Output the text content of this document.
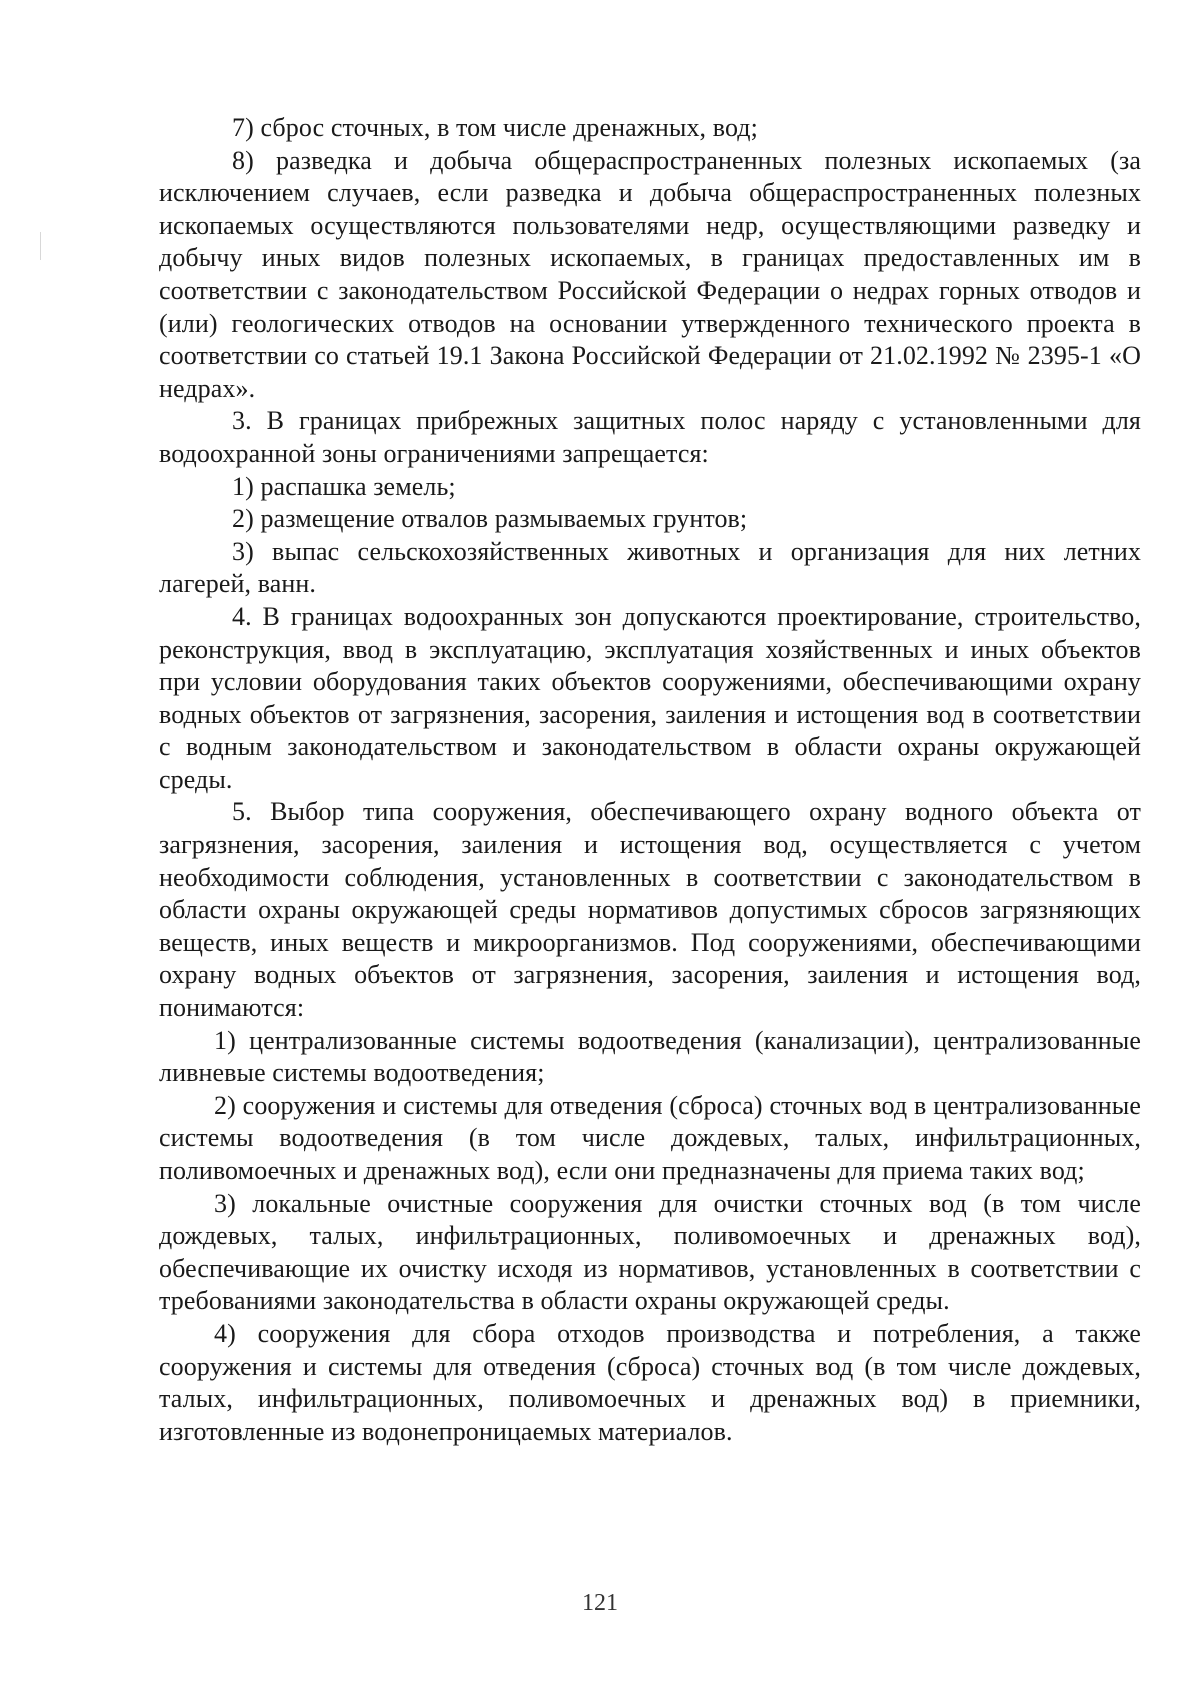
7) сброс сточных, в том числе дренажных, вод;

8) разведка и добыча общераспространенных полезных ископаемых (за исключением случаев, если разведка и добыча общераспространенных полезных ископаемых осуществляются пользователями недр, осуществляющими разведку и добычу иных видов полезных ископаемых, в границах предоставленных им в соответствии с законодательством Российской Федерации о недрах горных отводов и (или) геологических отводов на основании утвержденного технического проекта в соответствии со статьей 19.1 Закона Российской Федерации от 21.02.1992 № 2395-1 «О недрах».

3. В границах прибрежных защитных полос наряду с установленными для водоохранной зоны ограничениями запрещается:

1) распашка земель;

2) размещение отвалов размываемых грунтов;

3) выпас сельскохозяйственных животных и организация для них летних лагерей, ванн.

4. В границах водоохранных зон допускаются проектирование, строительство, реконструкция, ввод в эксплуатацию, эксплуатация хозяйственных и иных объектов при условии оборудования таких объектов сооружениями, обеспечивающими охрану водных объектов от загрязнения, засорения, заиления и истощения вод в соответствии с водным законодательством и законодательством в области охраны окружающей среды.

5. Выбор типа сооружения, обеспечивающего охрану водного объекта от загрязнения, засорения, заиления и истощения вод, осуществляется с учетом необходимости соблюдения, установленных в соответствии с законодательством в области охраны окружающей среды нормативов допустимых сбросов загрязняющих веществ, иных веществ и микроорганизмов. Под сооружениями, обеспечивающими охрану водных объектов от загрязнения, засорения, заиления и истощения вод, понимаются:

1) централизованные системы водоотведения (канализации), централизованные ливневые системы водоотведения;

2) сооружения и системы для отведения (сброса) сточных вод в централизованные системы водоотведения (в том числе дождевых, талых, инфильтрационных, поливомоечных и дренажных вод), если они предназначены для приема таких вод;

3) локальные очистные сооружения для очистки сточных вод (в том числе дождевых, талых, инфильтрационных, поливомоечных и дренажных вод), обеспечивающие их очистку исходя из нормативов, установленных в соответствии с требованиями законодательства в области охраны окружающей среды.

4) сооружения для сбора отходов производства и потребления, а также сооружения и системы для отведения (сброса) сточных вод (в том числе дождевых, талых, инфильтрационных, поливомоечных и дренажных вод) в приемники, изготовленные из водонепроницаемых материалов.

121
